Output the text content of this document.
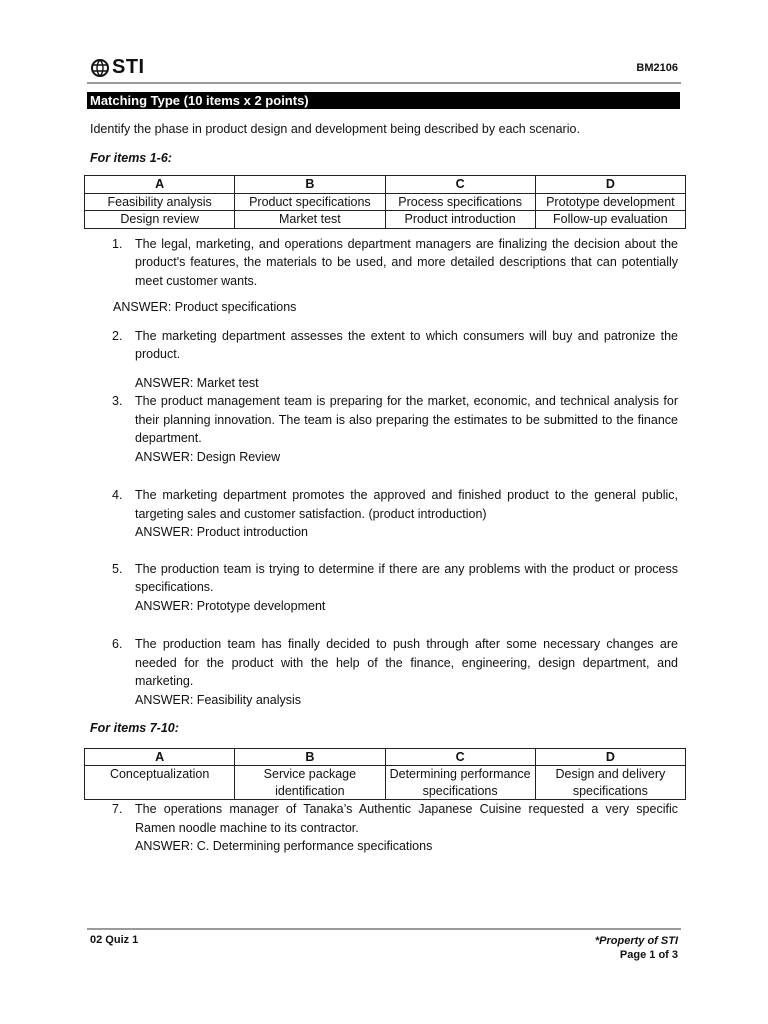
STI	BM2106
Matching Type (10 items x 2 points)

Identify the phase in product design and development being described by each scenario.

For items 1-6:

A	B	C	D
Feasibility analysis	Product specifications	Process specifications	Prototype development
Design review	Market test	Product introduction	Follow-up evaluation
1. The legal, marketing, and operations department managers are finalizing the decision about the product's features, the materials to be used, and more detailed descriptions that can potentially meet customer wants.
ANSWER: Product specifications
2. The marketing department assesses the extent to which consumers will buy and patronize the product.
ANSWER: Market test
3. The product management team is preparing for the market, economic, and technical analysis for their planning innovation. The team is also preparing the estimates to be submitted to the finance department.
ANSWER: Design Review
4. The marketing department promotes the approved and finished product to the general public, targeting sales and customer satisfaction. (product introduction)
ANSWER: Product introduction
5. The production team is trying to determine if there are any problems with the product or process specifications.
ANSWER: Prototype development
6. The production team has finally decided to push through after some necessary changes are needed for the product with the help of the finance, engineering, design department, and marketing.
ANSWER: Feasibility analysis

For items 7-10:

A	B	C	D
Conceptualization	Service package identification	Determining performance specifications	Design and delivery specifications
7. The operations manager of Tanaka’s Authentic Japanese Cuisine requested a very specific Ramen noodle machine to its contractor.
ANSWER: C. Determining performance specifications
02 Quiz 1	*Property of STI
Page 1 of 3
